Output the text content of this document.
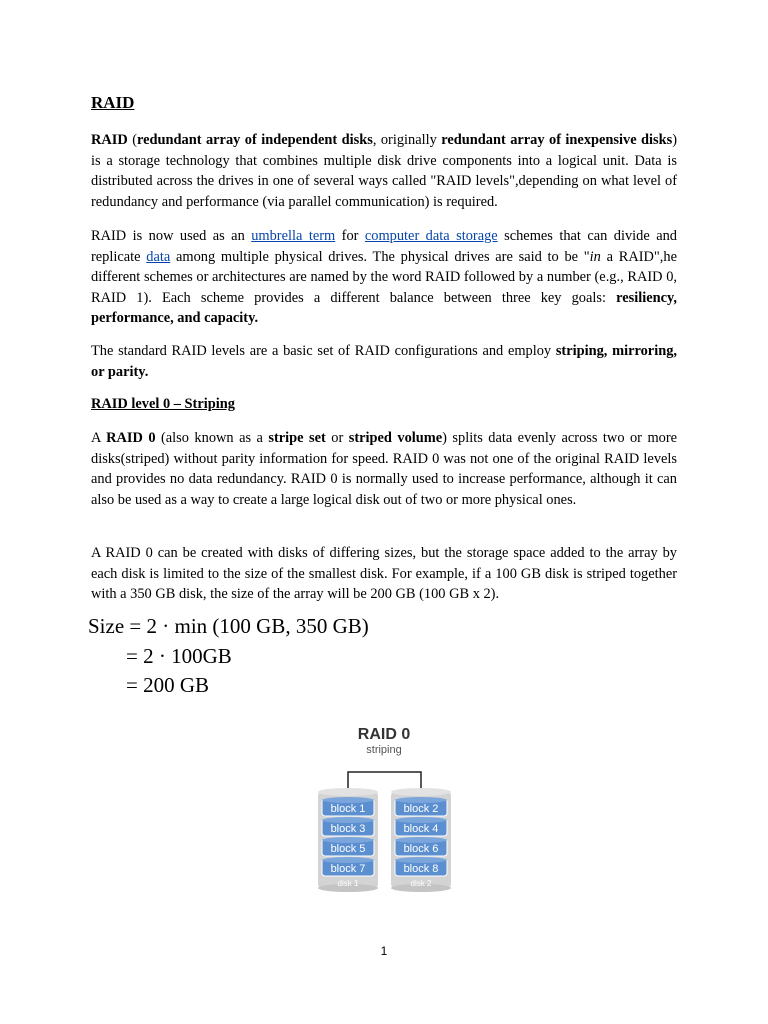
RAID

RAID (redundant array of independent disks, originally redundant array of inexpensive disks) is a storage technology that combines multiple disk drive components into a logical unit. Data is distributed across the drives in one of several ways called "RAID levels",depending on what level of redundancy and performance (via parallel communication) is required.

RAID is now used as an umbrella term for computer data storage schemes that can divide and replicate data among multiple physical drives. The physical drives are said to be "in a RAID",he different schemes or architectures are named by the word RAID followed by a number (e.g., RAID 0, RAID 1). Each scheme provides a different balance between three key goals: resiliency, performance, and capacity.

The standard RAID levels are a basic set of RAID configurations and employ striping, mirroring, or parity.

RAID level 0 – Striping

A RAID 0 (also known as a stripe set or striped volume) splits data evenly across two or more disks(striped) without parity information for speed. RAID 0 was not one of the original RAID levels and provides no data redundancy. RAID 0 is normally used to increase performance, although it can also be used as a way to create a large logical disk out of two or more physical ones.

A RAID 0 can be created with disks of differing sizes, but the storage space added to the array by each disk is limited to the size of the smallest disk. For example, if a 100 GB disk is striped together with a 350 GB disk, the size of the array will be 200 GB (100 GB x 2).

Size = 2 · min (100 GB, 350 GB)
= 2 · 100GB
= 200 GB
RAID 0
striping
block 1
block 3
block 5
block 7
disk 1
block 2
block 4
block 6
block 8
disk 2
1
